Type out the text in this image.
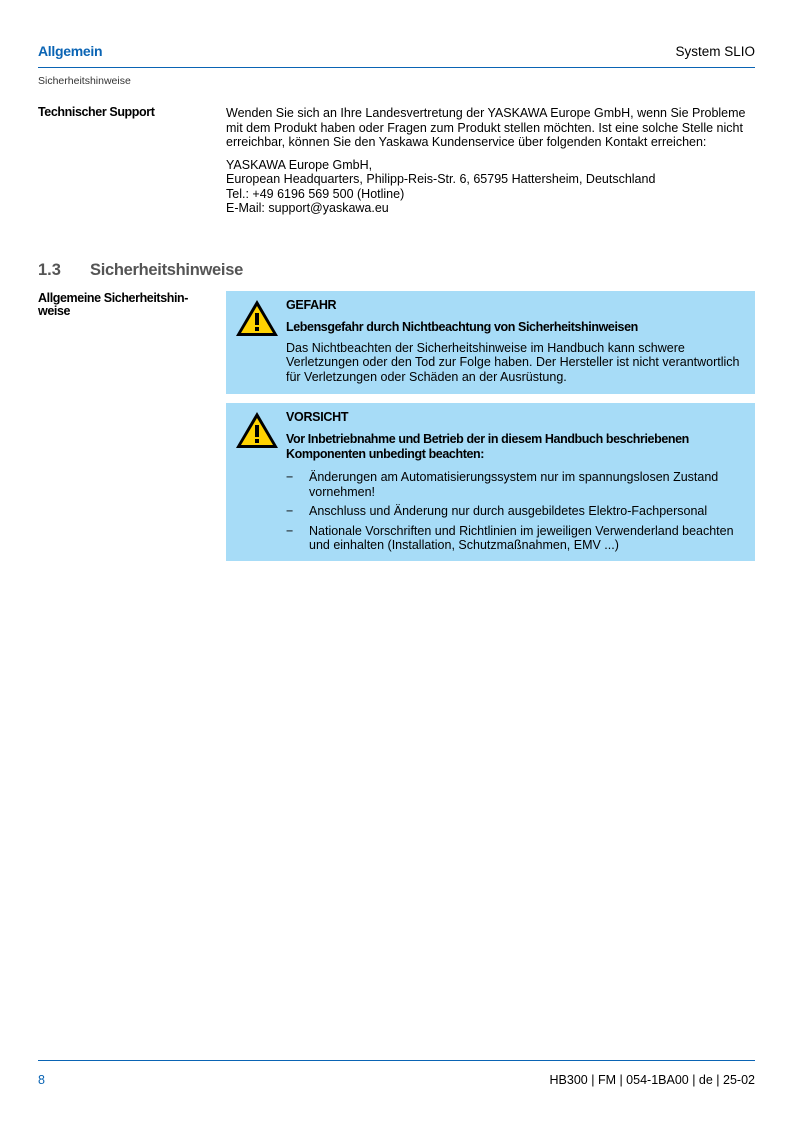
Allgemein	System SLIO
Sicherheitshinweise
Technischer Support	Wenden Sie sich an Ihre Landesvertretung der YASKAWA Europe GmbH, wenn Sie Probleme mit dem Produkt haben oder Fragen zum Produkt stellen möchten. Ist eine solche Stelle nicht erreichbar, können Sie den Yaskawa Kundenservice über folgenden Kontakt erreichen:

YASKAWA Europe GmbH,
European Headquarters, Philipp-Reis-Str. 6, 65795 Hattersheim, Deutschland
Tel.: +49 6196 569 500 (Hotline)
E-Mail: support@yaskawa.eu
1.3 Sicherheitshinweise
Allgemeine Sicherheitshin-
weise	GEFAHR

Lebensgefahr durch Nichtbeachtung von Sicherheitshinweisen

Das Nichtbeachten der Sicherheitshinweise im Handbuch kann schwere Verletzungen oder den Tod zur Folge haben. Der Hersteller ist nicht verantwortlich für Verletzungen oder Schäden an der Ausrüstung.

VORSICHT

Vor Inbetriebnahme und Betrieb der in diesem Handbuch beschriebenen Komponenten unbedingt beachten:

− Änderungen am Automatisierungssystem nur im spannungslosen Zustand vornehmen!
− Anschluss und Änderung nur durch ausgebildetes Elektro-Fachpersonal
− Nationale Vorschriften und Richtlinien im jeweiligen Verwenderland beachten und einhalten (Installation, Schutzmaßnahmen, EMV ...)
8	HB300 | FM | 054-1BA00 | de | 25-02
